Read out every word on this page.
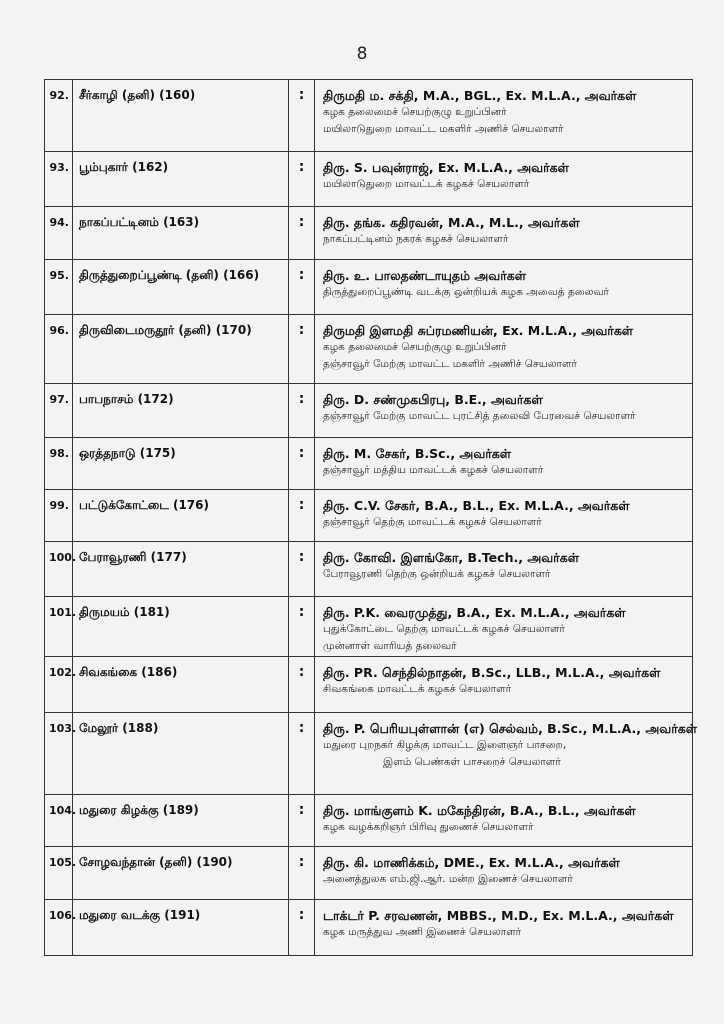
8
92. சீர்காழி (தனி) (160)	:	திருமதி ம. சக்தி, M.A., BGL., Ex. M.L.A., அவர்கள்
கழக தலைமைச் செயற்குழு உறுப்பினர்
மயிலாடுதுறை மாவட்ட மகளிர் அணிச் செயலாளர்
93. பூம்புகார் (162)	:	திரு. S. பவுன்ராஜ், Ex. M.L.A., அவர்கள்
மயிலாடுதுறை மாவட்டக் கழகச் செயலாளர்
94. நாகப்பட்டினம் (163)	:	திரு. தங்க. கதிரவன், M.A., M.L., அவர்கள்
நாகப்பட்டினம் நகரக் கழகச் செயலாளர்
95. திருத்துறைப்பூண்டி (தனி) (166)	:	திரு. உ. பாலதண்டாயுதம் அவர்கள்
திருத்துறைப்பூண்டி வடக்கு ஒன்றியக் கழக அவைத் தலைவர்
96. திருவிடைமருதூர் (தனி) (170)	:	திருமதி இளமதி சுப்ரமணியன், Ex. M.L.A., அவர்கள்
கழக தலைமைச் செயற்குழு உறுப்பினர்
தஞ்சாவூர் மேற்கு மாவட்ட மகளிர் அணிச் செயலாளர்
97. பாபநாசம் (172)	:	திரு. D. சண்முகபிரபு, B.E., அவர்கள்
தஞ்சாவூர் மேற்கு மாவட்ட புரட்சித் தலைவி பேரவைச் செயலாளர்
98. ஒரத்தநாடு (175)	:	திரு. M. சேகர், B.Sc., அவர்கள்
தஞ்சாவூர் மத்திய மாவட்டக் கழகச் செயலாளர்
99. பட்டுக்கோட்டை (176)	:	திரு. C.V. சேகர், B.A., B.L., Ex. M.L.A., அவர்கள்
தஞ்சாவூர் தெற்கு மாவட்டக் கழகச் செயலாளர்
100. பேராவூரணி (177)	:	திரு. கோவி. இளங்கோ, B.Tech., அவர்கள்
பேராவூரணி தெற்கு ஒன்றியக் கழகச் செயலாளர்
101. திருமயம் (181)	:	திரு. P.K. வைரமுத்து, B.A., Ex. M.L.A., அவர்கள்
புதுக்கோட்டை தெற்கு மாவட்டக் கழகச் செயலாளர்
முன்னாள் வாரியத் தலைவர்
102. சிவகங்கை (186)	:	திரு. PR. செந்தில்நாதன், B.Sc., LLB., M.L.A., அவர்கள்
சிவகங்கை மாவட்டக் கழகச் செயலாளர்
103. மேலூர் (188)	:	திரு. P. பெரியபுள்ளான் (எ) செல்வம், B.Sc., M.L.A., அவர்கள்
மதுரை புறநகர் கிழக்கு மாவட்ட இளைஞர் பாசறை,
இளம் பெண்கள் பாசறைச் செயலாளர்
104. மதுரை கிழக்கு (189)	:	திரு. மாங்குளம் K. மகேந்திரன், B.A., B.L., அவர்கள்
கழக வழக்கறிஞர் பிரிவு துணைச் செயலாளர்
105. சோழவந்தான் (தனி) (190)	:	திரு. கி. மாணிக்கம், DME., Ex. M.L.A., அவர்கள்
அனைத்துலக எம்.ஜி.ஆர். மன்ற இணைச் செயலாளர்
106. மதுரை வடக்கு (191)	:	டாக்டர் P. சரவணன், MBBS., M.D., Ex. M.L.A., அவர்கள்
கழக மருத்துவ அணி இணைச் செயலாளர்
